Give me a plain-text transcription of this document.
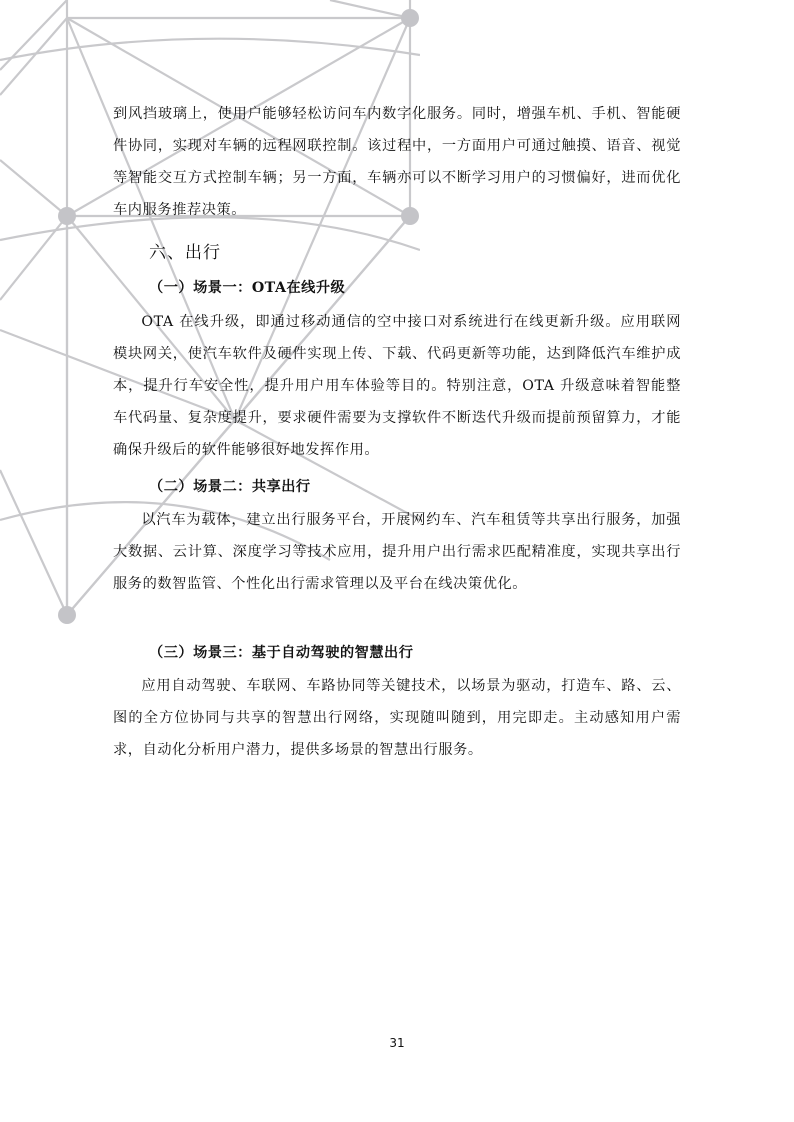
到风挡玻璃上，使用户能够轻松访问车内数字化服务。同时，增强车机、手机、智能硬件协同，实现对车辆的远程网联控制。该过程中，一方面用户可通过触摸、语音、视觉等智能交互方式控制车辆；另一方面，车辆亦可以不断学习用户的习惯偏好，进而优化车内服务推荐决策。

六、出行

（一）场景一：OTA在线升级

OTA 在线升级，即通过移动通信的空中接口对系统进行在线更新升级。应用联网模块网关，使汽车软件及硬件实现上传、下载、代码更新等功能，达到降低汽车维护成本，提升行车安全性，提升用户用车体验等目的。特别注意，OTA 升级意味着智能整车代码量、复杂度提升，要求硬件需要为支撑软件不断迭代升级而提前预留算力，才能确保升级后的软件能够很好地发挥作用。

（二）场景二：共享出行

以汽车为载体，建立出行服务平台，开展网约车、汽车租赁等共享出行服务，加强大数据、云计算、深度学习等技术应用，提升用户出行需求匹配精准度，实现共享出行服务的数智监管、个性化出行需求管理以及平台在线决策优化。

（三）场景三：基于自动驾驶的智慧出行

应用自动驾驶、车联网、车路协同等关键技术，以场景为驱动，打造车、路、云、图的全方位协同与共享的智慧出行网络，实现随叫随到，用完即走。主动感知用户需求，自动化分析用户潜力，提供多场景的智慧出行服务。

31
